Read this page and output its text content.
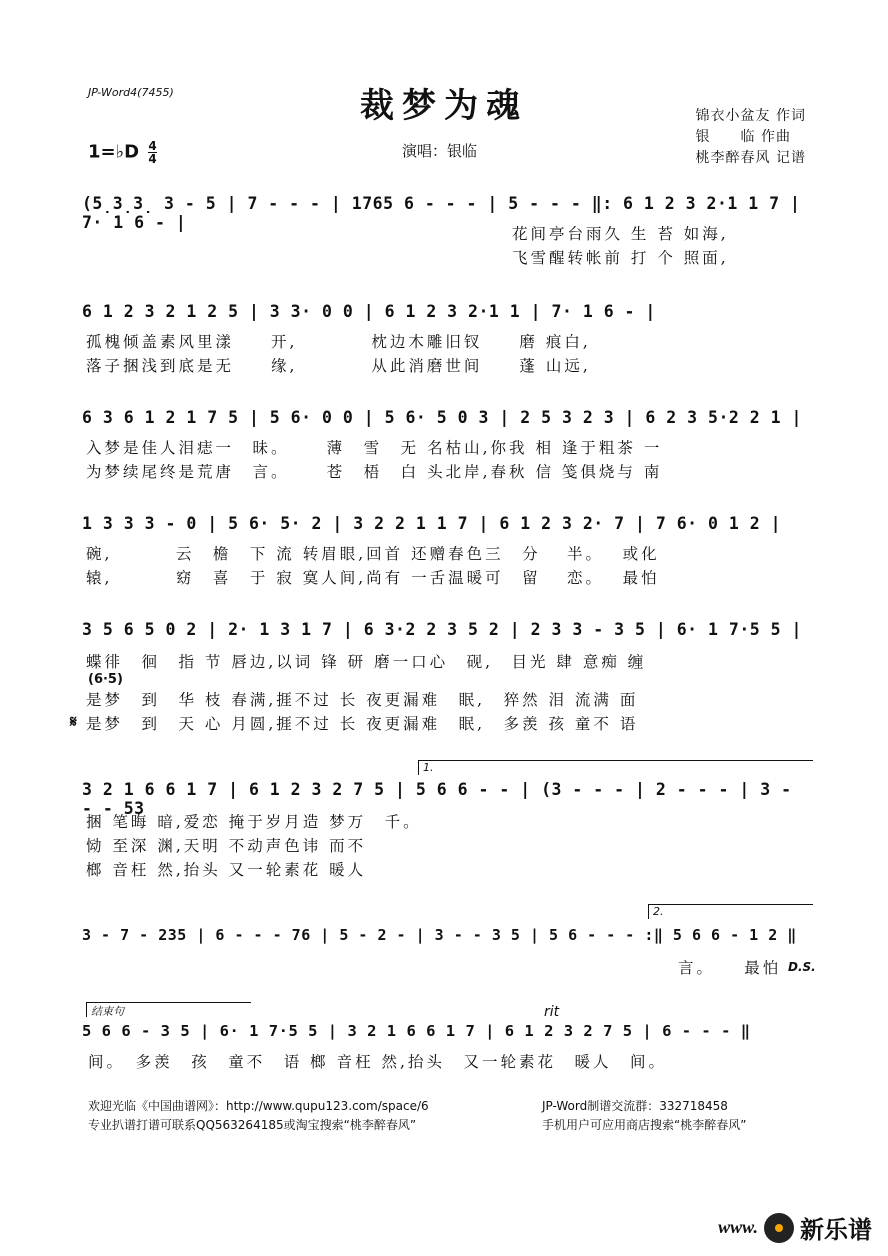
JP-Word4(7455)	裁梦为魂	锦衣小盆友 作词
银　　临 作曲
桃李醉春风 记谱
1=♭D $\frac{4}{4}$	演唱：银临
(5̣3̣3̣ 3 - 5 | 7 - - - | 1765 6 - - - | 5 - - - ‖: 6 1 2 3 2·1 1 7 | 7· 1 6 - |
花间亭台雨久 生 苔 如海,
飞雪醒转帐前 打 个 照面,
6 1 2 3 2 1 2 5 | 3 3· 0 0 | 6 1 2 3 2·1 1 | 7· 1 6 - |
孤槐倾盖素风里漾　　开,　　　　枕边木雕旧钗　　磨 痕白,
落子捆浅到底是无　　缘,　　　　从此消磨世间　　蓬 山远,
6 3 6 1 2 1 7 5 | 5 6· 0 0 | 5 6· 5 0 3 | 2 5 3 2 3 | 6 2 3 5·2 2 1 |
入梦是佳人泪痣一　昧。　　 薄　雪　无 名枯山,你我 相 逢于粗茶 一
为梦续尾终是荒唐　言。　　 苍　梧　白 头北岸,春秋 信 笺俱烧与 南
1 3 3 3 - 0 | 5 6· 5· 2 | 3 2 2 1 1 7 | 6 1 2 3 2· 7 | 7 6· 0 1 2 |
碗,　　　 云　檐　下 流 转眉眼,回首 还赠春色三　分　 半。　 或化
辕,　　　 窈　喜　于 寂 寞人间,尚有 一舌温暖可　留　 恋。　 最怕
3 5 6 5 0 2 | 2· 1 3 1 7 | 6 3·2 2 3 5 2 | 2 3 3 - 3 5 | 6· 1 7·5 5 |
蝶徘　徊　指 节 唇边,以词 锋 研 磨一口心　砚,　目光 肆 意痴 缠
(6·5)
是梦　到　华 枝 春满,捱不过 长 夜更漏难　眠,　猝然 泪 流满 面
𝄋 是梦　到　天 心 月圆,捱不过 长 夜更漏难　眠,　多羡 孩 童不 语
1.
3 2 1 6 6 1 7 | 6 1 2 3 2 7 5 | 5 6 6 - - | (3 - - - | 2 - - - | 3 - - - 53
捆 笔晦 暗,爱恋 掩于岁月造 梦万　千。
恸 至深 渊,天明 不动声色讳 而不
榔 音枉 然,抬头 又一轮素花 暖人
2.
3 - 7 - 235 | 6 - - - 76 | 5 - 2 - | 3 - - 3 5 | 5 6 - - - :‖ 5 6 6 - 1 2 ‖
言。　　最怕 D.S.
结束句	rit
5 6 6 - 3 5 | 6· 1 7·5 5 | 3 2 1 6 6 1 7 | 6 1 2 3 2 7 5 | 6 - - - ‖
间。　多羡　孩　童不　语 榔 音枉 然,抬头　又一轮素花　暖人　间。
欢迎光临《中国曲谱网》：http://www.qupu123.com/space/6
专业扒谱打谱可联系QQ563264185或淘宝搜索“桃李醉春风”
JP-Word制谱交流群：332718458
手机用户可应用商店搜索“桃李醉春风”
www. 新乐谱
